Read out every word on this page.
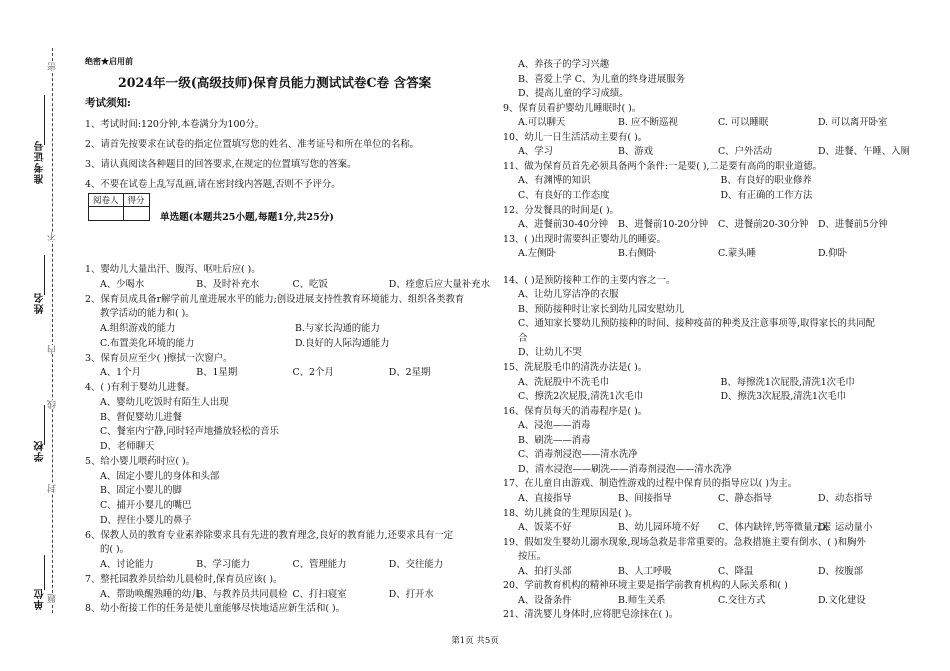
准考证号
姓名
学校
单位
密
不
内
线
封
题
绝密★启用前
2024年一级(高级技师)保育员能力测试试卷C卷 含答案
考试须知:
1、考试时间:120分钟,本卷满分为100分。
2、请首先按要求在试卷的指定位置填写您的姓名、准考证号和所在单位的名称。
3、请认真阅读各种题目的回答要求,在规定的位置填写您的答案。
4、不要在试卷上乱写乱画,请在密封线内答题,否则不予评分。
单选题(本题共25小题,每题1分,共25分)
1、婴幼儿大量出汗、腹泻、呕吐后应( )。
A、少喝水	B、及时补充水	C、吃饭	D、痊愈后应大量补充水
2、保育员成具备r解学前儿童进展水平的能力;创设进展支持性教育环境能力、组织各类教育
教学活动的能力和( )。
A.组织游戏的能力	B.与家长沟通的能力
C.布置美化环境的能力	D.良好的人际沟通能力
3、保育员应至少( )擦拭一次窗户。
A、1个月	B、1星期	C、2个月	D、2星期
4、( )有利于婴幼儿进餐。
A、婴幼儿吃饭时有陌生人出现
B、督促婴幼儿进餐
C、餐室内宁静,同时轻声地播放轻松的音乐
D、老师聊天
5、给小婴儿喂药时应( )。
A、固定小婴儿的身体和头部
B、固定小婴儿的脚
C、捕开小婴儿的嘴巴
D、捏住小婴儿的鼻子
6、保教人员的教育专业素养除要求具有先进的教育理念,良好的教育能力,还要求具有一定
的( )。
A、讨论能力	B、学习能力	C、管理能力	D、交往能力
7、整托园教养员给幼儿晨检时,保育员应该( )。
A、帮助唤醒熟睡的幼儿
B、与教养员共同晨检 C、打扫寝室	D、打开水
8、幼小衔接工作的任务是使儿童能够尽快地适应新生活和( )。
阅卷人	得分

A、养孩子的学习兴趣
B、喜爱上学 C、为儿童的终身进展服务
D、提高儿童的学习成绩。
9、保育员看护婴幼儿睡眠时( )。
A.可以聊天	B. 应不断巡视	C. 可以睡眠	D. 可以离开卧室
10、幼儿一日生活活动主要有( )。
A、学习	B、游戏	C、户外活动	D、进餐、午睡、入厕
11、做为保育员首先必须具备两个条件:一是要( ),二是要有高尚的职业道德。
A、有渊博的知识	B、有良好的职业修养
C、有良好的工作态度	D、有正确的工作方法
12、分发餐具的时间是( )。
A、进餐前30-40分钟 B、进餐前10-20分钟 C、进餐前20-30分钟 D、进餐前5分钟
13、( )出现时需要纠正婴幼儿的睡姿。
A.左侧卧	B.右侧卧	C.蒙头睡	D.仰卧
14、( )是预防接种工作的主要内容之一。
A、让幼儿穿洁净的衣服
B、预防接种时让家长到幼儿园安慰幼儿
C、通知家长婴幼儿预防接种的时间、接种疫苗的种类及注意事项等,取得家长的共同配
合
D、让幼儿不哭
15、洗屁股毛巾的清洗办法是( )。
A、洗屁股中不洗毛巾	B、每擦洗1次屁股,清洗1次毛巾
C、擦洗2次屁股,清洗1次毛巾	D、擦洗3次屁股,清洗1次毛巾
16、保育员每天的消毒程序是( )。
A、浸泡——消毒
B、刷洗——消毒
C、消毒剂浸泡——清水洗净
D、清水浸泡——刷洗——消毒剂浸泡——清水洗净
17、在儿童自由游戏、制造性游戏的过程中保育员的指导应以( )为主。
A、直接指导	B、间接指导	C、静态指导	D、动态指导
18、幼儿挑食的生理原因是( )。
A、饭菜不好	B、幼儿园环境不好 C、体内缺锌,钙等微量元素
D、运动量小
19、假如发生婴幼儿溺水现象,现场急救是非常重要的。急救措施主要有倒水、( )和胸外
按压。
A、拍打头部	B、人工呼吸	C、降温	D、按腹部
20、学前教育机构的精神环境主要是指学前教育机构的人际关系和( )
A、设备条件	B.师生关系	C.交往方式	D.文化建设
21、清洗婴儿身体时,应将肥皂涂抹在( )。
第1页 共5页
